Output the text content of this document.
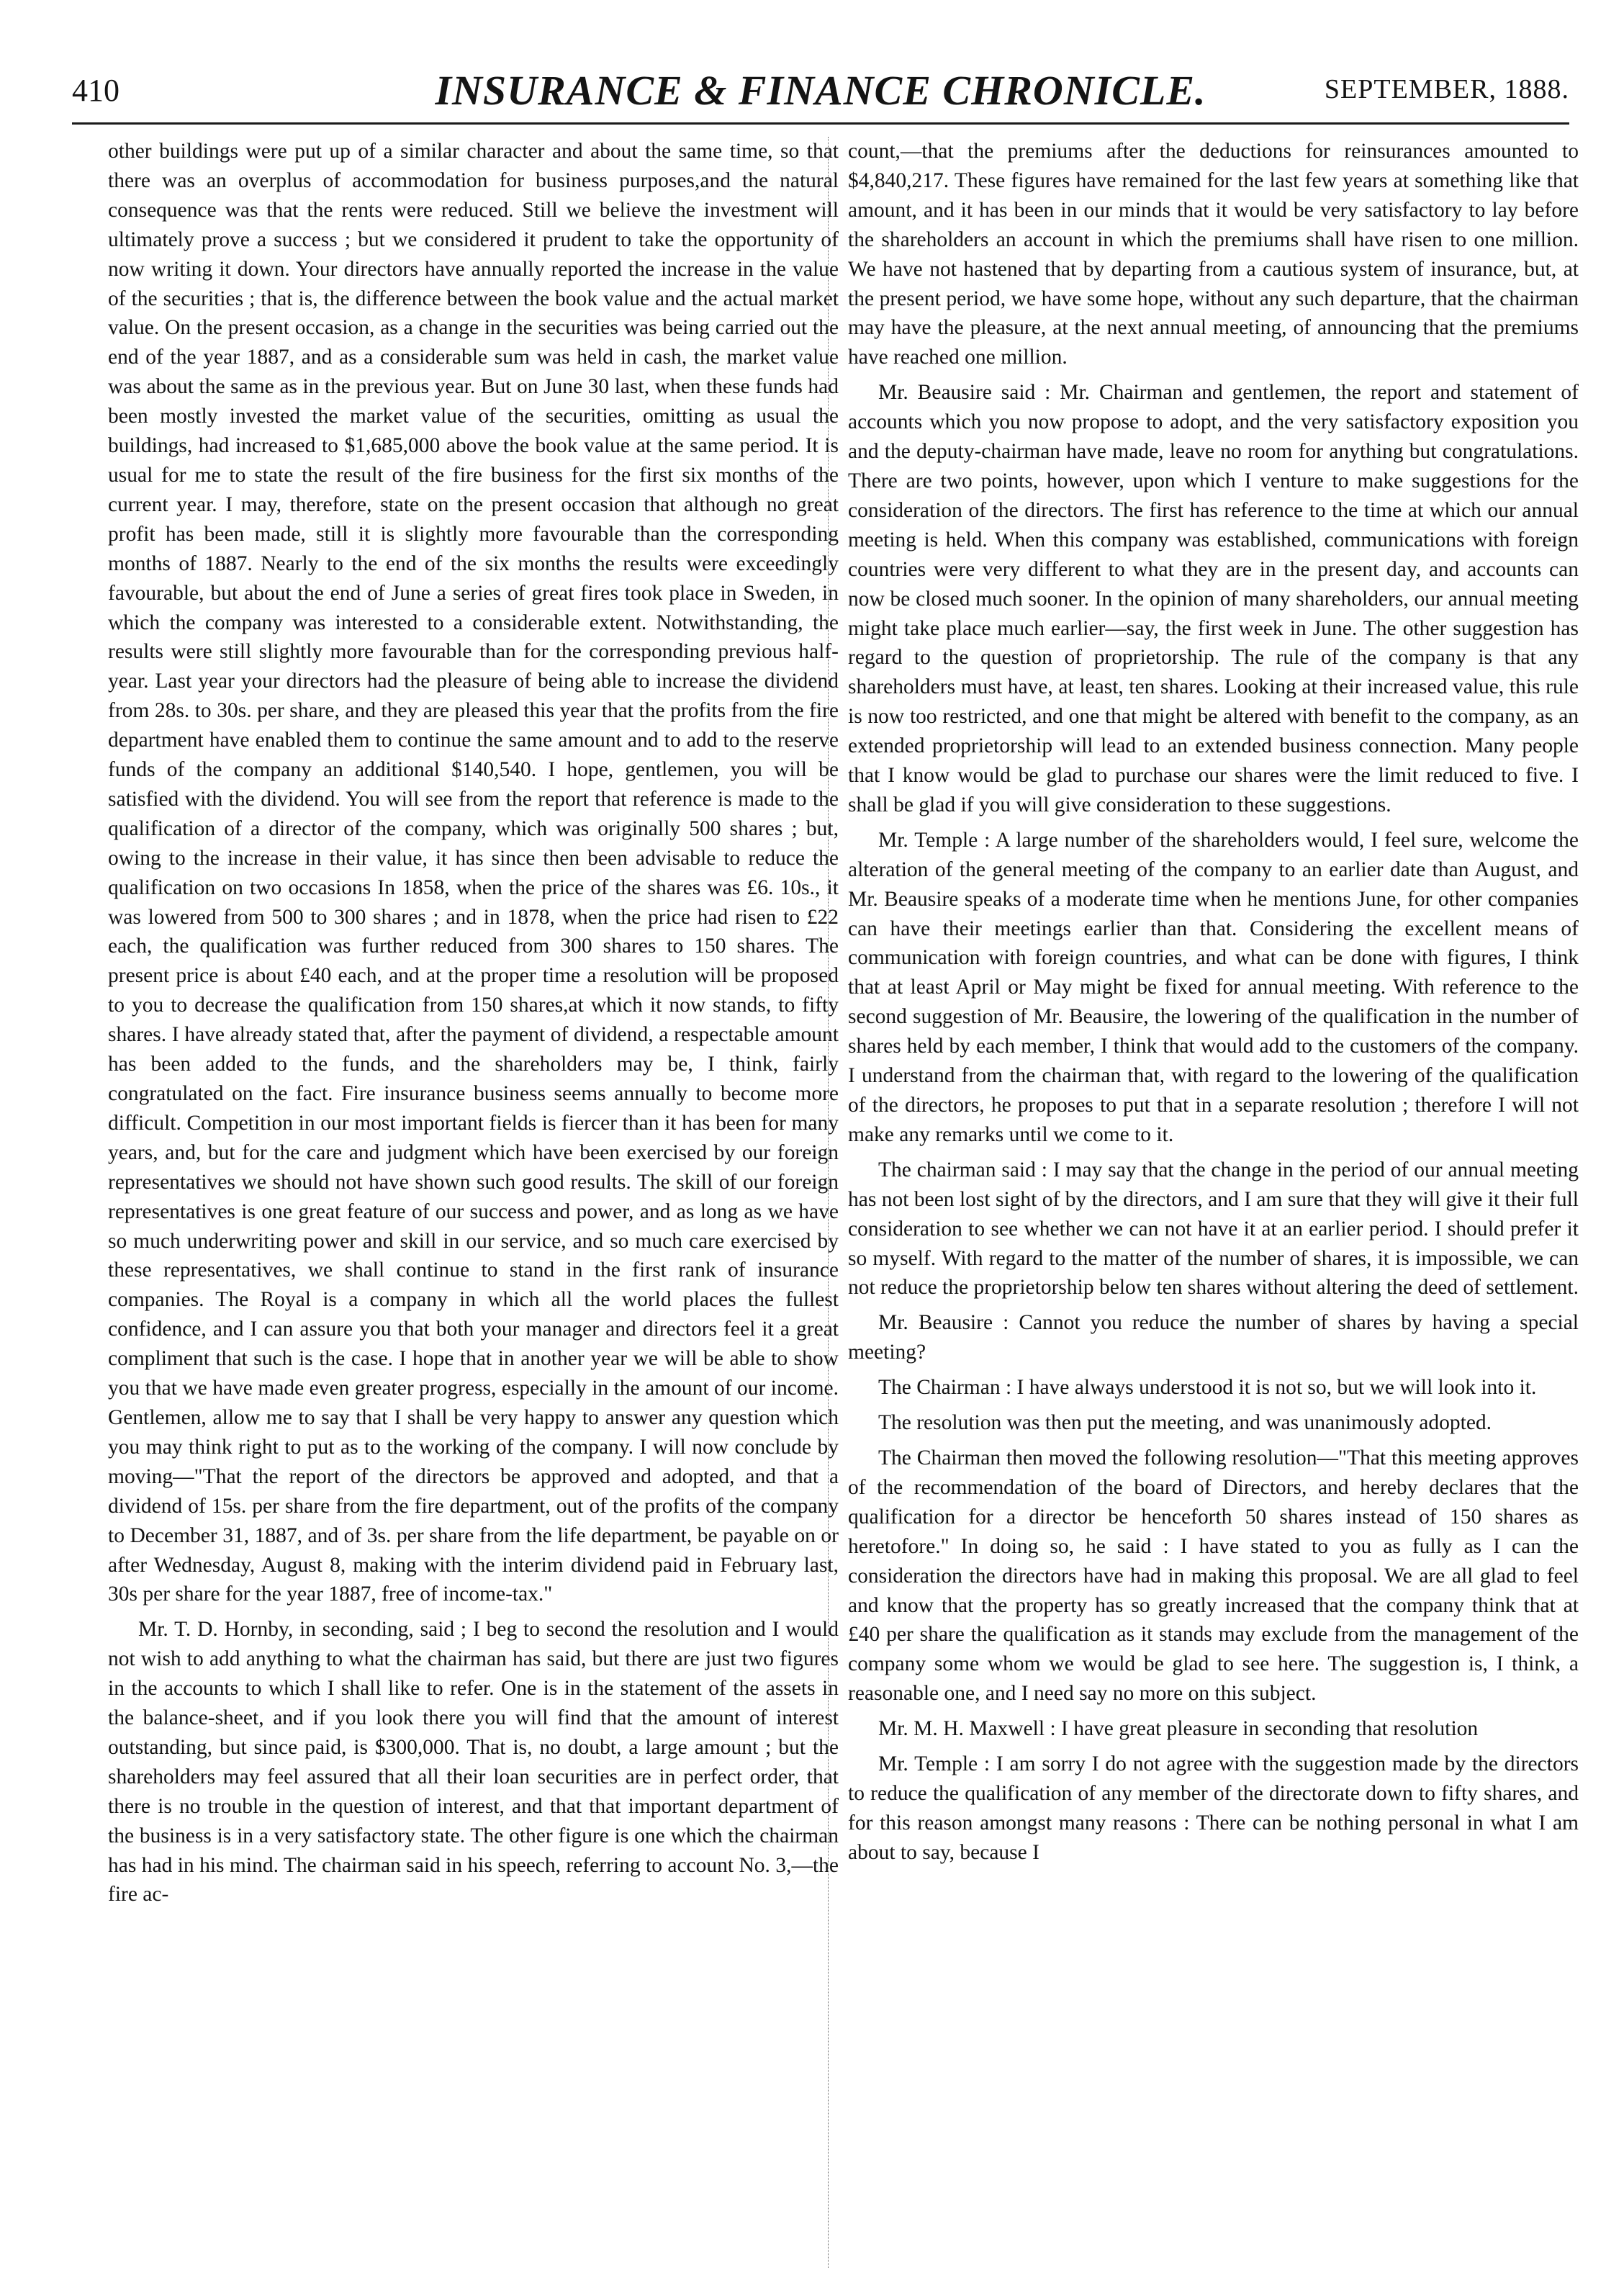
410	INSURANCE & FINANCE CHRONICLE.	SEPTEMBER, 1888.

other buildings were put up of a similar character and about the same time, so that there was an overplus of accommodation for business purposes,and the natural consequence was that the rents were reduced. Still we believe the investment will ultimately prove a success ; but we considered it prudent to take the opportunity of now writing it down. Your directors have annually reported the increase in the value of the securities ; that is, the difference between the book value and the actual market value. On the present occasion, as a change in the securities was being carried out the end of the year 1887, and as a considerable sum was held in cash, the market value was about the same as in the previous year. But on June 30 last, when these funds had been mostly invested the market value of the securities, omitting as usual the buildings, had increased to $1,685,000 above the book value at the same period. It is usual for me to state the result of the fire business for the first six months of the current year. I may, therefore, state on the present occasion that although no great profit has been made, still it is slightly more favourable than the corresponding months of 1887. Nearly to the end of the six months the results were exceedingly favourable, but about the end of June a series of great fires took place in Sweden, in which the company was interested to a considerable extent. Notwithstanding, the results were still slightly more favourable than for the corresponding previous half-year. Last year your directors had the pleasure of being able to increase the dividend from 28s. to 30s. per share, and they are pleased this year that the profits from the fire department have enabled them to continue the same amount and to add to the reserve funds of the company an additional $140,540. I hope, gentlemen, you will be satisfied with the dividend. You will see from the report that reference is made to the qualification of a director of the company, which was originally 500 shares ; but, owing to the increase in their value, it has since then been advisable to reduce the qualification on two occasions In 1858, when the price of the shares was £6. 10s., it was lowered from 500 to 300 shares ; and in 1878, when the price had risen to £22 each, the qualification was further reduced from 300 shares to 150 shares. The present price is about £40 each, and at the proper time a resolution will be proposed to you to decrease the qualification from 150 shares,at which it now stands, to fifty shares. I have already stated that, after the payment of dividend, a respectable amount has been added to the funds, and the shareholders may be, I think, fairly congratulated on the fact. Fire insurance business seems annually to become more difficult. Competition in our most important fields is fiercer than it has been for many years, and, but for the care and judgment which have been exercised by our foreign representatives we should not have shown such good results. The skill of our foreign representatives is one great feature of our success and power, and as long as we have so much underwriting power and skill in our service, and so much care exercised by these representatives, we shall continue to stand in the first rank of insurance companies. The Royal is a company in which all the world places the fullest confidence, and I can assure you that both your manager and directors feel it a great compliment that such is the case. I hope that in another year we will be able to show you that we have made even greater progress, especially in the amount of our income. Gentlemen, allow me to say that I shall be very happy to answer any question which you may think right to put as to the working of the company. I will now conclude by moving—"That the report of the directors be approved and adopted, and that a dividend of 15s. per share from the fire department, out of the profits of the company to December 31, 1887, and of 3s. per share from the life department, be payable on or after Wednesday, August 8, making with the interim dividend paid in February last, 30s per share for the year 1887, free of income-tax."

Mr. T. D. Hornby, in seconding, said ; I beg to second the resolution and I would not wish to add anything to what the chairman has said, but there are just two figures in the accounts to which I shall like to refer. One is in the statement of the assets in the balance-sheet, and if you look there you will find that the amount of interest outstanding, but since paid, is $300,000. That is, no doubt, a large amount ; but the shareholders may feel assured that all their loan securities are in perfect order, that there is no trouble in the question of interest, and that that important department of the business is in a very satisfactory state. The other figure is one which the chairman has had in his mind. The chairman said in his speech, referring to account No. 3,—the fire ac-

count,—that the premiums after the deductions for reinsurances amounted to $4,840,217. These figures have remained for the last few years at something like that amount, and it has been in our minds that it would be very satisfactory to lay before the shareholders an account in which the premiums shall have risen to one million. We have not hastened that by departing from a cautious system of insurance, but, at the present period, we have some hope, without any such departure, that the chairman may have the pleasure, at the next annual meeting, of announcing that the premiums have reached one million.

Mr. Beausire said : Mr. Chairman and gentlemen, the report and statement of accounts which you now propose to adopt, and the very satisfactory exposition you and the deputy-chairman have made, leave no room for anything but congratulations. There are two points, however, upon which I venture to make suggestions for the consideration of the directors. The first has reference to the time at which our annual meeting is held. When this company was established, communications with foreign countries were very different to what they are in the present day, and accounts can now be closed much sooner. In the opinion of many shareholders, our annual meeting might take place much earlier—say, the first week in June. The other suggestion has regard to the question of proprietorship. The rule of the company is that any shareholders must have, at least, ten shares. Looking at their increased value, this rule is now too restricted, and one that might be altered with benefit to the company, as an extended proprietorship will lead to an extended business connection. Many people that I know would be glad to purchase our shares were the limit reduced to five. I shall be glad if you will give consideration to these suggestions.

Mr. Temple : A large number of the shareholders would, I feel sure, welcome the alteration of the general meeting of the company to an earlier date than August, and Mr. Beausire speaks of a moderate time when he mentions June, for other companies can have their meetings earlier than that. Considering the excellent means of communication with foreign countries, and what can be done with figures, I think that at least April or May might be fixed for annual meeting. With reference to the second suggestion of Mr. Beausire, the lowering of the qualification in the number of shares held by each member, I think that would add to the customers of the company. I understand from the chairman that, with regard to the lowering of the qualification of the directors, he proposes to put that in a separate resolution ; therefore I will not make any remarks until we come to it.

The chairman said : I may say that the change in the period of our annual meeting has not been lost sight of by the directors, and I am sure that they will give it their full consideration to see whether we can not have it at an earlier period. I should prefer it so myself. With regard to the matter of the number of shares, it is impossible, we can not reduce the proprietorship below ten shares without altering the deed of settlement.

Mr. Beausire : Cannot you reduce the number of shares by having a special meeting?

The Chairman : I have always understood it is not so, but we will look into it.

The resolution was then put the meeting, and was unanimously adopted.

The Chairman then moved the following resolution—"That this meeting approves of the recommendation of the board of Directors, and hereby declares that the qualification for a director be henceforth 50 shares instead of 150 shares as heretofore." In doing so, he said : I have stated to you as fully as I can the consideration the directors have had in making this proposal. We are all glad to feel and know that the property has so greatly increased that the company think that at £40 per share the qualification as it stands may exclude from the management of the company some whom we would be glad to see here. The suggestion is, I think, a reasonable one, and I need say no more on this subject.

Mr. M. H. Maxwell : I have great pleasure in seconding that resolution

Mr. Temple : I am sorry I do not agree with the suggestion made by the directors to reduce the qualification of any member of the directorate down to fifty shares, and for this reason amongst many reasons : There can be nothing personal in what I am about to say, because I
